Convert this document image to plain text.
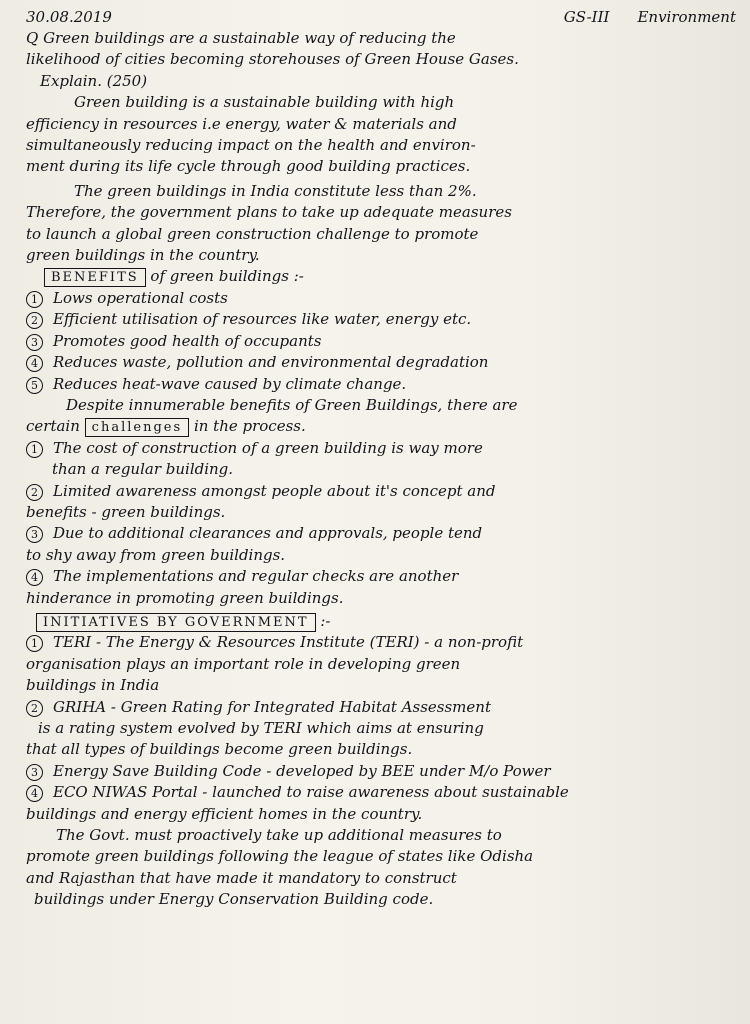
30.08.2019	GS-III Environment
Q Green buildings are a sustainable way of reducing the
likelihood of cities becoming storehouses of Green House Gases.
Explain. (250)
Green building is a sustainable building with high
efficiency in resources i.e energy, water & materials and
simultaneously reducing impact on the health and environ-
ment during its life cycle through good building practices.
The green buildings in India constitute less than 2%.
Therefore, the government plans to take up adequate measures
to launch a global green construction challenge to promote
green buildings in the country.
BENEFITS of green buildings :-
1	Lows operational costs
2	Efficient utilisation of resources like water, energy etc.
3	Promotes good health of occupants
4	Reduces waste, pollution and environmental degradation
5	Reduces heat-wave caused by climate change.
Despite innumerable benefits of Green Buildings, there are
certain challenges in the process.
1	The cost of construction of a green building is way more
than a regular building.
2	Limited awareness amongst people about it's concept and
benefits - green buildings.
3	Due to additional clearances and approvals, people tend
to shy away from green buildings.
4	The implementations and regular checks are another
hinderance in promoting green buildings.
INITIATIVES BY GOVERNMENT :-
1	TERI - The Energy & Resources Institute (TERI) - a non-profit
organisation plays an important role in developing green
buildings in India
2	GRIHA - Green Rating for Integrated Habitat Assessment
is a rating system evolved by TERI which aims at ensuring
that all types of buildings become green buildings.
3	Energy Save Building Code - developed by BEE under M/o Power
4	ECO NIWAS Portal - launched to raise awareness about sustainable
buildings and energy efficient homes in the country.
The Govt. must proactively take up additional measures to
promote green buildings following the league of states like Odisha
and Rajasthan that have made it mandatory to construct
buildings under Energy Conservation Building code.
